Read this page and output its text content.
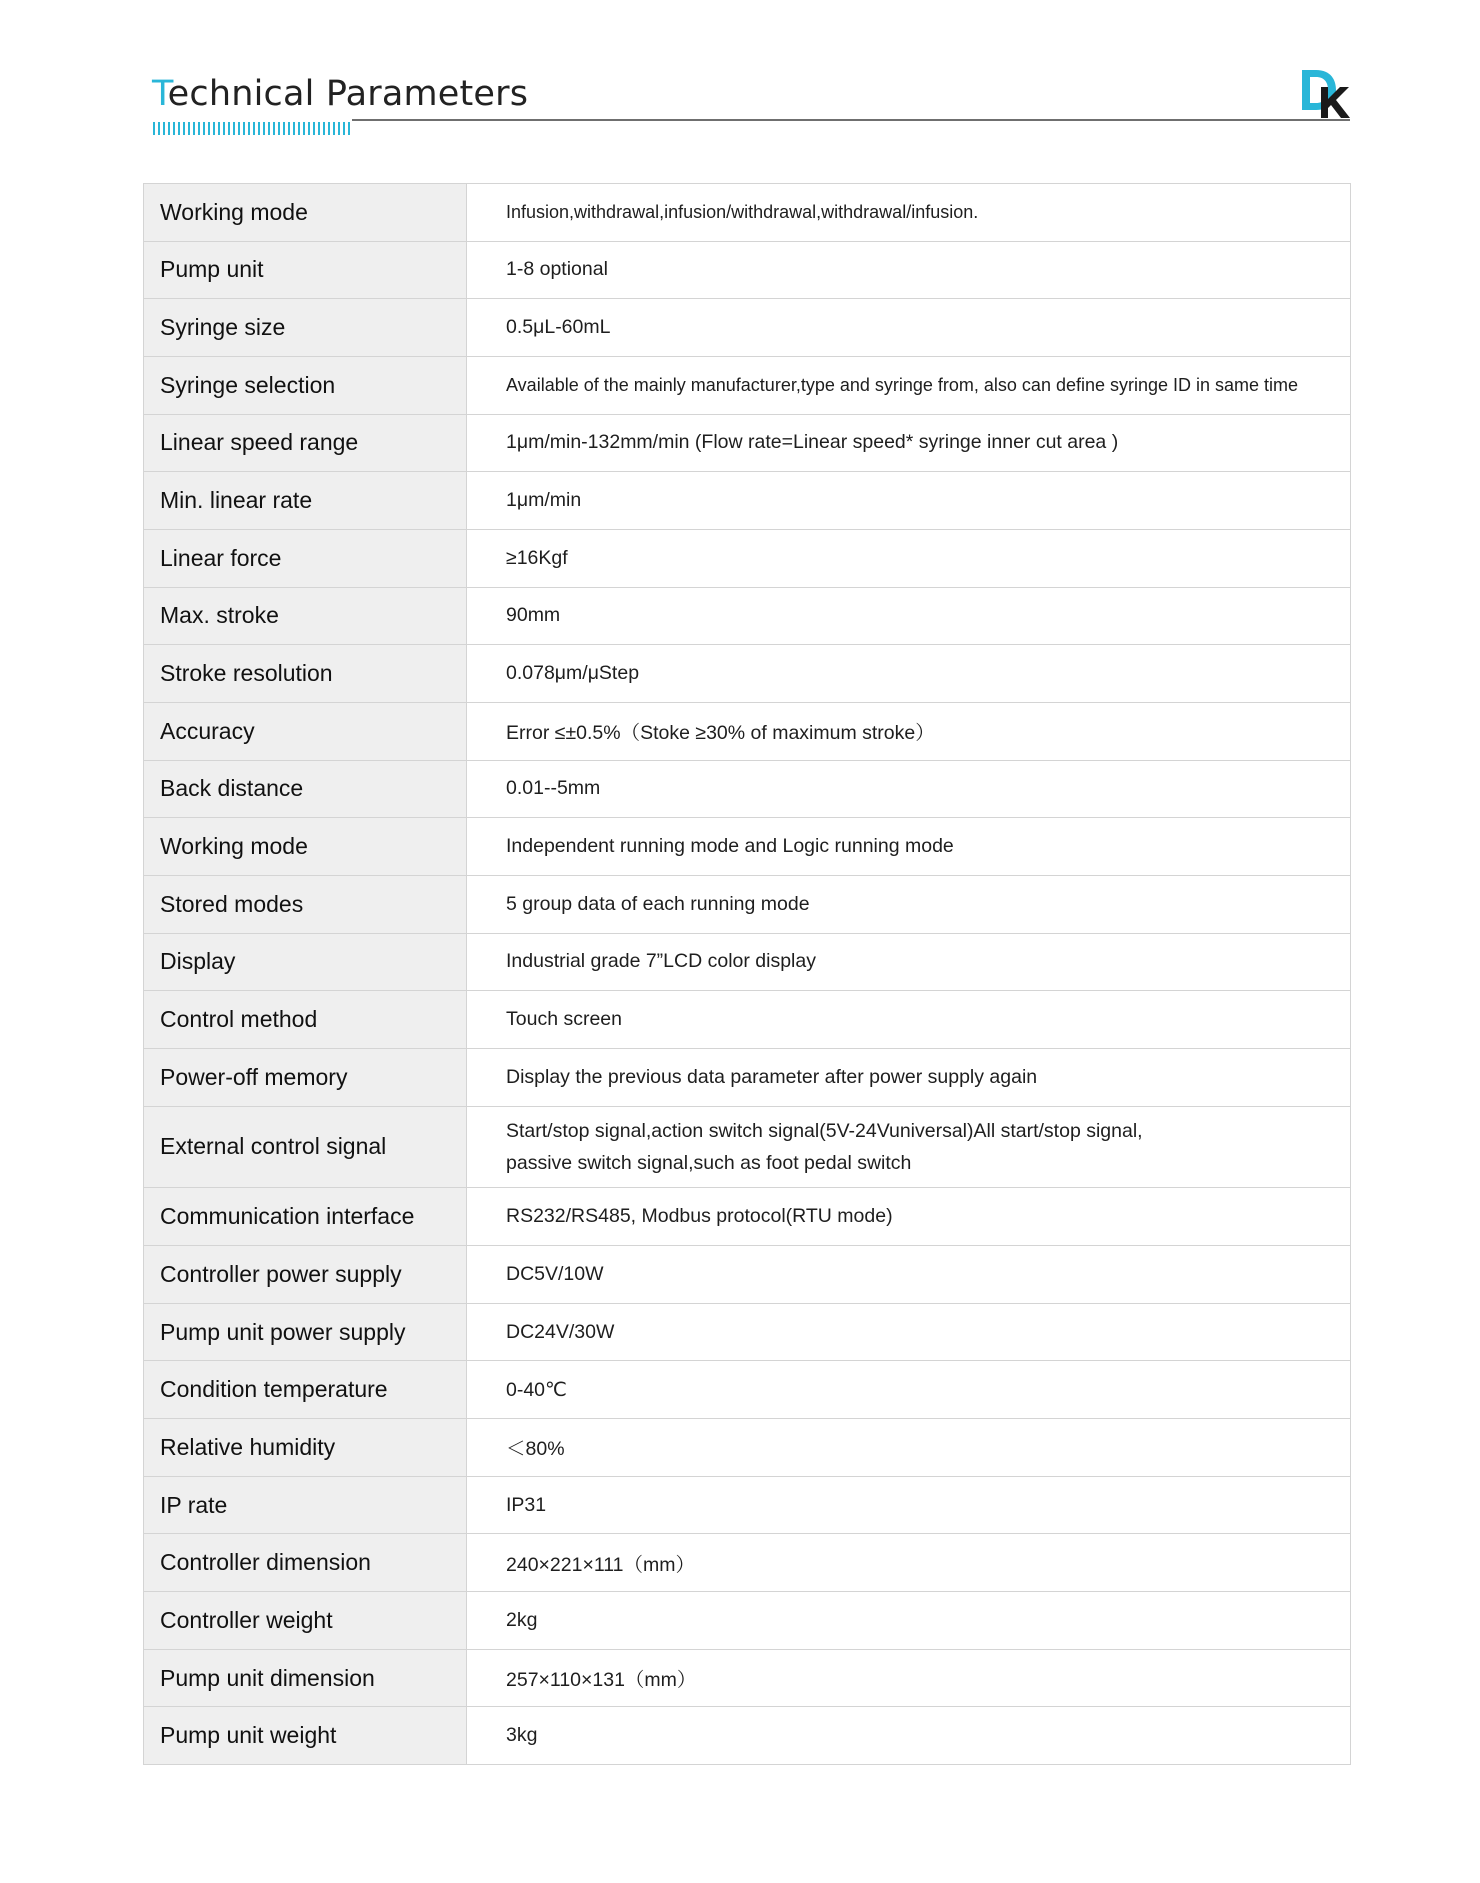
Technical Parameters
Working mode	Infusion,withdrawal,infusion/withdrawal,withdrawal/infusion.
Pump unit	1-8 optional
Syringe size	0.5μL-60mL
Syringe selection	Available of the mainly manufacturer,type and syringe from, also can define syringe ID in same time
Linear speed range	1μm/min-132mm/min (Flow rate=Linear speed* syringe inner cut area )
Min. linear rate	1μm/min
Linear force	≥16Kgf
Max. stroke	90mm
Stroke resolution	0.078μm/μStep
Accuracy	Error ≤±0.5%（Stoke ≥30% of maximum stroke）
Back distance	0.01--5mm
Working mode	Independent running mode and Logic running mode
Stored modes	5 group data of each running mode
Display	Industrial grade 7”LCD color display
Control method	Touch screen
Power-off memory	Display the previous data parameter after power supply again
External control signal	Start/stop signal,action switch signal(5V-24Vuniversal)All start/stop signal,
passive switch signal,such as foot pedal switch

Communication interface	RS232/RS485, Modbus protocol(RTU mode)
Controller power supply	DC5V/10W
Pump unit power supply	DC24V/30W
Condition temperature	0-40℃
Relative humidity	＜80%
IP rate	IP31
Controller dimension	240×221×111（mm）
Controller weight	2kg
Pump unit dimension	257×110×131（mm）
Pump unit weight	3kg
